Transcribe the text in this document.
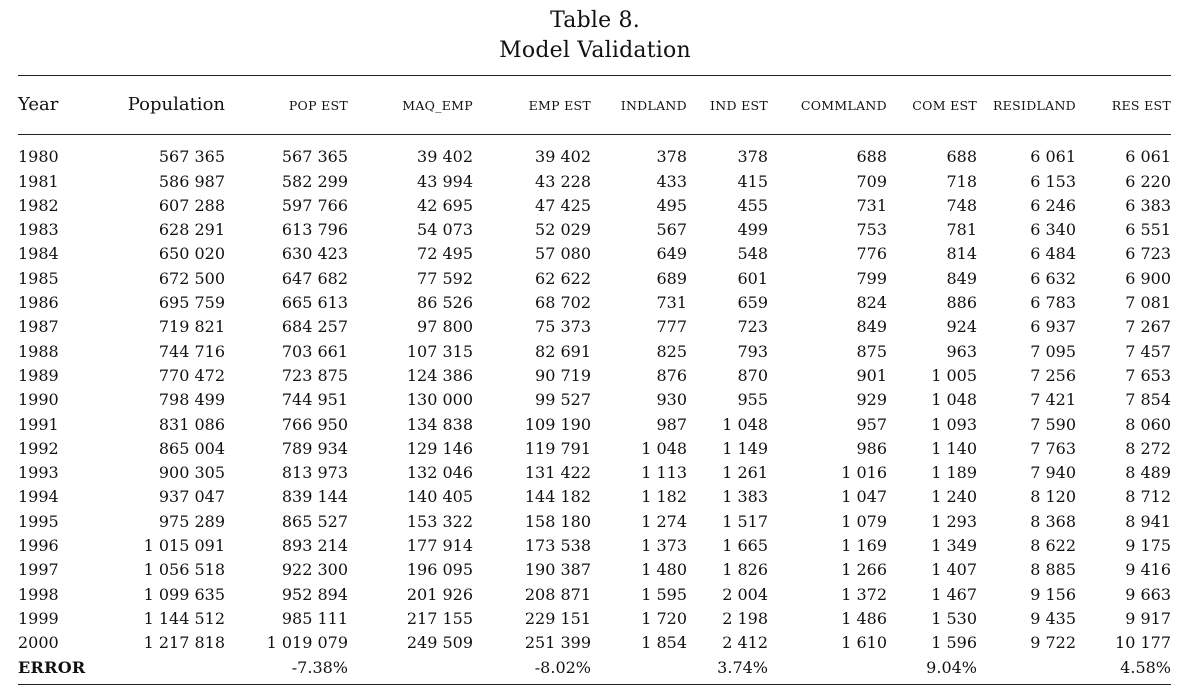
Table 8.
Model Validation
Year	Population	POP EST	MAQ_EMP	EMP EST	INDLAND	IND EST	COMMLAND	COM EST	RESIDLAND	RES EST

1980	567 365	567 365	39 402	39 402	378	378	688	688	6 061	6 061
1981	586 987	582 299	43 994	43 228	433	415	709	718	6 153	6 220
1982	607 288	597 766	42 695	47 425	495	455	731	748	6 246	6 383
1983	628 291	613 796	54 073	52 029	567	499	753	781	6 340	6 551
1984	650 020	630 423	72 495	57 080	649	548	776	814	6 484	6 723
1985	672 500	647 682	77 592	62 622	689	601	799	849	6 632	6 900
1986	695 759	665 613	86 526	68 702	731	659	824	886	6 783	7 081
1987	719 821	684 257	97 800	75 373	777	723	849	924	6 937	7 267
1988	744 716	703 661	107 315	82 691	825	793	875	963	7 095	7 457
1989	770 472	723 875	124 386	90 719	876	870	901	1 005	7 256	7 653
1990	798 499	744 951	130 000	99 527	930	955	929	1 048	7 421	7 854
1991	831 086	766 950	134 838	109 190	987	1 048	957	1 093	7 590	8 060
1992	865 004	789 934	129 146	119 791	1 048	1 149	986	1 140	7 763	8 272
1993	900 305	813 973	132 046	131 422	1 113	1 261	1 016	1 189	7 940	8 489
1994	937 047	839 144	140 405	144 182	1 182	1 383	1 047	1 240	8 120	8 712
1995	975 289	865 527	153 322	158 180	1 274	1 517	1 079	1 293	8 368	8 941
1996	1 015 091	893 214	177 914	173 538	1 373	1 665	1 169	1 349	8 622	9 175
1997	1 056 518	922 300	196 095	190 387	1 480	1 826	1 266	1 407	8 885	9 416
1998	1 099 635	952 894	201 926	208 871	1 595	2 004	1 372	1 467	9 156	9 663
1999	1 144 512	985 111	217 155	229 151	1 720	2 198	1 486	1 530	9 435	9 917
2000	1 217 818	1 019 079	249 509	251 399	1 854	2 412	1 610	1 596	9 722	10 177
ERROR		-7.38%		-8.02%		3.74%		9.04%		4.58%
